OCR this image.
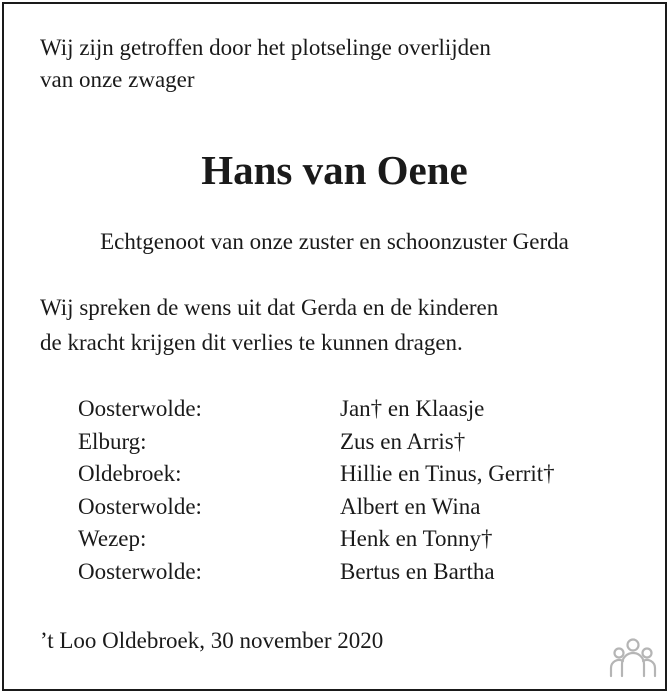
Wij zijn getroffen door het plotselinge overlijden
van onze zwager

Hans van Oene

Echtgenoot van onze zuster en schoonzuster Gerda

Wij spreken de wens uit dat Gerda en de kinderen
de kracht krijgen dit verlies te kunnen dragen.

Oosterwolde:	Jan† en Klaasje
Elburg:	Zus en Arris†
Oldebroek:	Hillie en Tinus, Gerrit†
Oosterwolde:	Albert en Wina
Wezep:	Henk en Tonny†
Oosterwolde:	Bertus en Bartha

’t Loo Oldebroek, 30 november 2020
